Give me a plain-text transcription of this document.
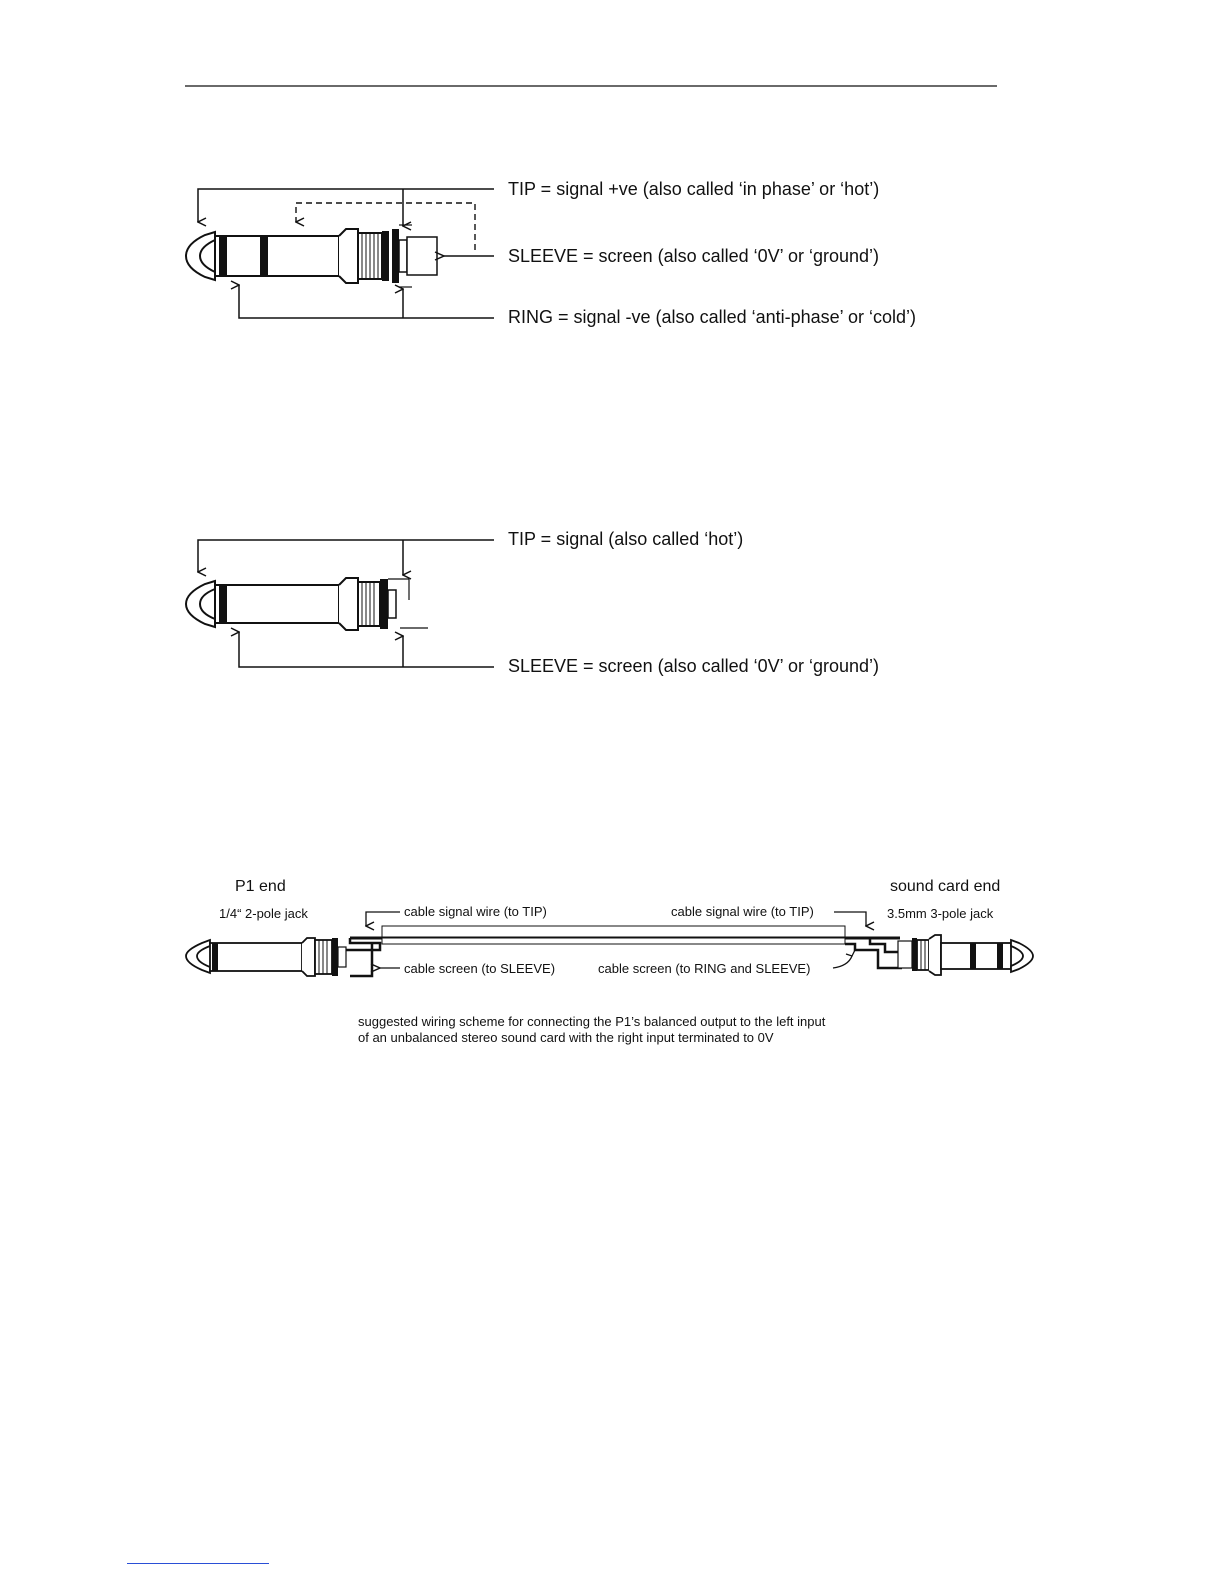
TIP = signal +ve (also called ‘in phase’ or ‘hot’)
SLEEVE = screen (also called ‘0V’ or ‘ground’)
RING = signal -ve (also called ‘anti-phase’ or ‘cold’)
TIP = signal (also called ‘hot’)
SLEEVE = screen (also called ‘0V’ or ‘ground’)
P1 end
1/4“ 2-pole jack
sound card end
3.5mm 3-pole jack
cable signal wire (to TIP)	cable signal wire (to TIP)
cable screen (to SLEEVE)	cable screen (to RING and SLEEVE)
suggested wiring scheme for connecting the P1’s balanced output to the left input
of an unbalanced stereo sound card with the right input terminated to 0V
